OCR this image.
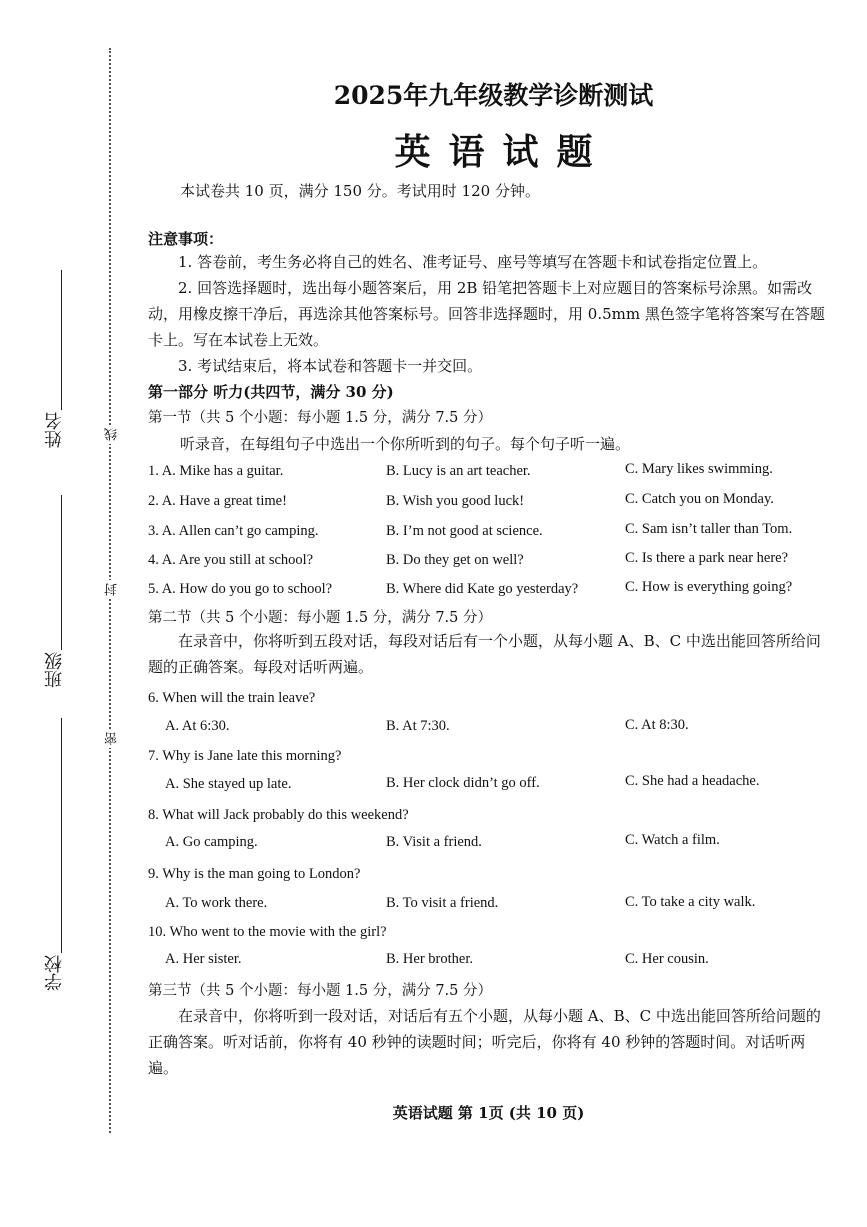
姓名
班级
学校
线
封
密
2025年九年级教学诊断测试
英语试题
本试卷共 10 页，满分 150 分。考试用时 120 分钟。
注意事项：
1. 答卷前，考生务必将自己的姓名、准考证号、座号等填写在答题卡和试卷指定位置上。
2. 回答选择题时，选出每小题答案后，用 2B 铅笔把答题卡上对应题目的答案标号涂黑。如需改动，用橡皮擦干净后，再选涂其他答案标号。回答非选择题时，用 0.5mm 黑色签字笔将答案写在答题卡上。写在本试卷上无效。
3. 考试结束后，将本试卷和答题卡一并交回。
第一部分 听力(共四节，满分 30 分)
第一节（共 5 个小题：每小题 1.5 分，满分 7.5 分）
听录音，在每组句子中选出一个你所听到的句子。每个句子听一遍。
1. A. Mike has a guitar.	B. Lucy is an art teacher.	C. Mary likes swimming.
2. A. Have a great time!	B. Wish you good luck!	C. Catch you on Monday.
3. A. Allen can’t go camping.	B. I’m not good at science.	C. Sam isn’t taller than Tom.
4. A. Are you still at school?	B. Do they get on well?	C. Is there a park near here?
5. A. How do you go to school?	B. Where did Kate go yesterday?	C. How is everything going?
第二节（共 5 个小题：每小题 1.5 分，满分 7.5 分）
在录音中，你将听到五段对话，每段对话后有一个小题，从每小题 A、B、C 中选出能回答所给问题的正确答案。每段对话听两遍。
6. When will the train leave?
A. At 6:30.	B. At 7:30.	C. At 8:30.
7. Why is Jane late this morning?
A. She stayed up late.	B. Her clock didn’t go off.	C. She had a headache.
8. What will Jack probably do this weekend?
A. Go camping.	B. Visit a friend.	C. Watch a film.
9. Why is the man going to London?
A. To work there.	B. To visit a friend.	C. To take a city walk.
10. Who went to the movie with the girl?
A. Her sister.	B. Her brother.	C. Her cousin.
第三节（共 5 个小题：每小题 1.5 分，满分 7.5 分）
在录音中，你将听到一段对话，对话后有五个小题，从每小题 A、B、C 中选出能回答所给问题的正确答案。听对话前，你将有 40 秒钟的读题时间；听完后，你将有 40 秒钟的答题时间。对话听两遍。
英语试题 第 1页 (共 10 页)
